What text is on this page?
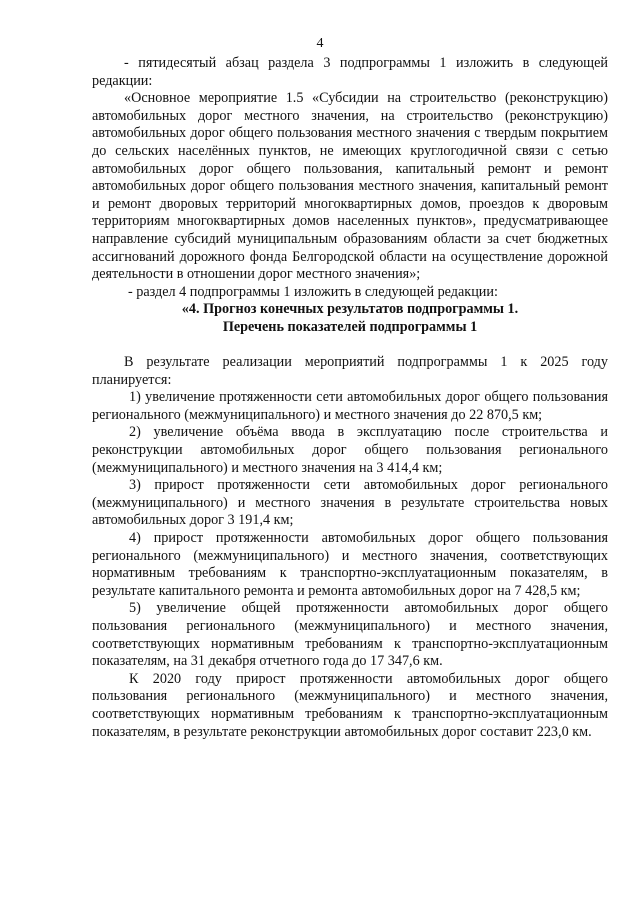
4

- пятидесятый абзац раздела 3 подпрограммы 1 изложить в следующей редакции:

«Основное мероприятие 1.5 «Субсидии на строительство (реконструкцию) автомобильных дорог местного значения, на строительство (реконструкцию) автомобильных дорог общего пользования местного значения с твердым покрытием до сельских населённых пунктов, не имеющих круглогодичной связи с сетью автомобильных дорог общего пользования, капитальный ремонт и ремонт автомобильных дорог общего пользования местного значения, капитальный ремонт и ремонт дворовых территорий многоквартирных домов, проездов к дворовым территориям многоквартирных домов населенных пунктов», предусматривающее направление субсидий муниципальным образованиям области за счет бюджетных ассигнований дорожного фонда Белгородской области на осуществление дорожной деятельности в отношении дорог местного значения»;

- раздел 4 подпрограммы 1 изложить в следующей редакции:

«4. Прогноз конечных результатов подпрограммы 1.

Перечень показателей подпрограммы 1

В результате реализации мероприятий подпрограммы 1 к 2025 году планируется:

1) увеличение протяженности сети автомобильных дорог общего пользования регионального (межмуниципального) и местного значения до 22 870,5 км;

2) увеличение объёма ввода в эксплуатацию после строительства и реконструкции автомобильных дорог общего пользования регионального (межмуниципального) и местного значения на 3 414,4 км;

3) прирост протяженности сети автомобильных дорог регионального (межмуниципального) и местного значения в результате строительства новых автомобильных дорог 3 191,4 км;

4) прирост протяженности автомобильных дорог общего пользования регионального (межмуниципального) и местного значения, соответствующих нормативным требованиям к транспортно-эксплуатационным показателям, в результате капитального ремонта и ремонта автомобильных дорог на 7 428,5 км;

5) увеличение общей протяженности автомобильных дорог общего пользования регионального (межмуниципального) и местного значения, соответствующих нормативным требованиям к транспортно-эксплуатационным показателям, на 31 декабря отчетного года до 17 347,6 км.

К 2020 году прирост протяженности автомобильных дорог общего пользования регионального (межмуниципального) и местного значения, соответствующих нормативным требованиям к транспортно-эксплуатационным показателям, в результате реконструкции автомобильных дорог составит 223,0 км.
